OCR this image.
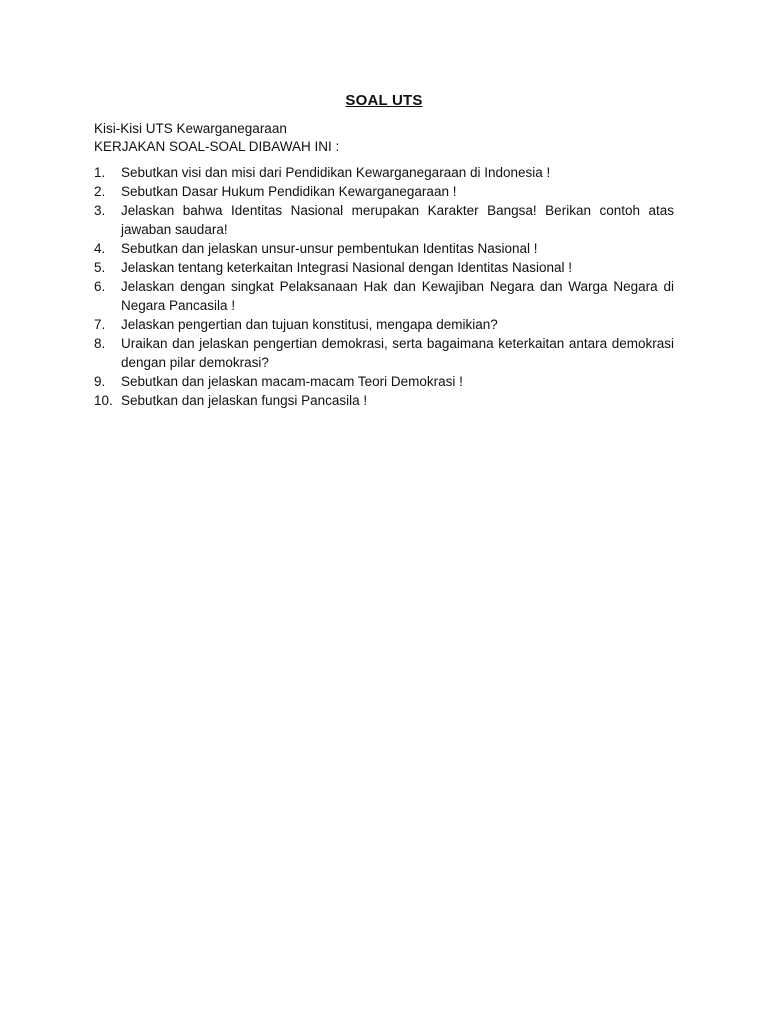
SOAL UTS
Kisi-Kisi UTS Kewarganegaraan
KERJAKAN SOAL-SOAL DIBAWAH INI :
1.	Sebutkan visi dan misi dari Pendidikan Kewarganegaraan di Indonesia !
2.	Sebutkan Dasar Hukum Pendidikan Kewarganegaraan !
3.	Jelaskan bahwa Identitas Nasional merupakan Karakter Bangsa! Berikan contoh atas jawaban saudara!
4.	Sebutkan dan jelaskan unsur-unsur pembentukan Identitas Nasional !
5.	Jelaskan tentang keterkaitan Integrasi Nasional dengan Identitas Nasional !
6.	Jelaskan dengan singkat Pelaksanaan Hak dan Kewajiban Negara dan Warga Negara di Negara Pancasila !
7.	Jelaskan pengertian dan tujuan konstitusi, mengapa demikian?
8.	Uraikan dan jelaskan pengertian demokrasi, serta bagaimana keterkaitan antara demokrasi dengan pilar demokrasi?
9.	Sebutkan dan jelaskan macam-macam Teori Demokrasi !
10. Sebutkan dan jelaskan fungsi Pancasila !
